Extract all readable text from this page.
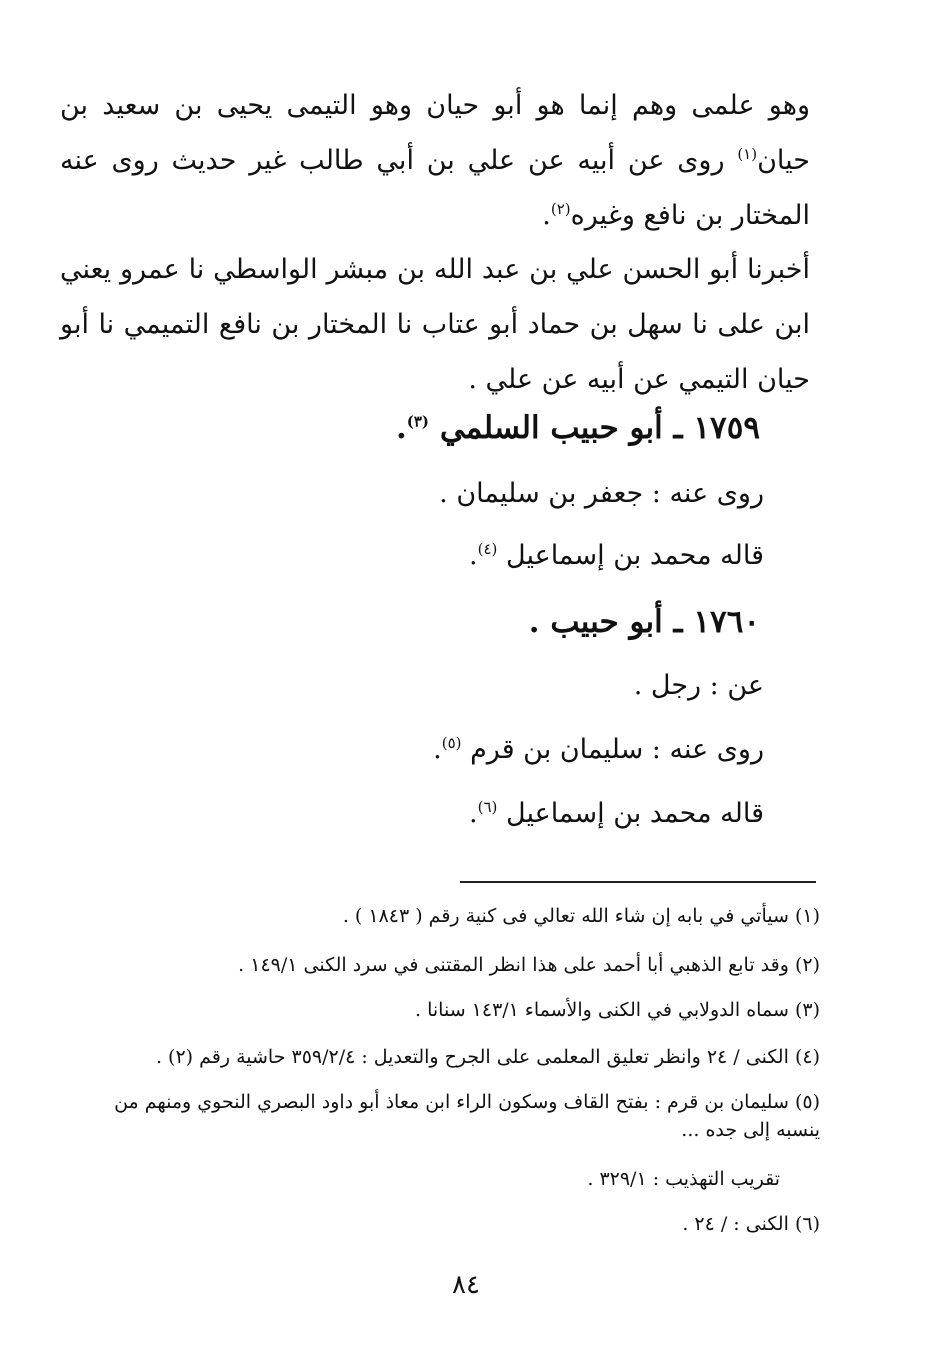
وهو علمى وهم إنما هو أبو حيان وهو التيمى يحيى بن سعيد بن حيان$^{(١)}$ روى عن أبيه عن علي بن أبي طالب غير حديث روى عنه المختار بن نافع وغيره$^{(٢)}$.
أخبرنا أبو الحسن علي بن عبد الله بن مبشر الواسطي نا عمرو يعني ابن على نا سهل بن حماد أبو عتاب نا المختار بن نافع التميمي نا أبو حيان التيمي عن أبيه عن علي .
١٧٥٩ ـ أبو حبيب السلمي $^{(٣)}$.
روى عنه : جعفر بن سليمان .
قاله محمد بن إسماعيل $^{(٤)}$.
١٧٦٠ ـ أبو حبيب .
عن : رجل .
روى عنه : سليمان بن قرم $^{(٥)}$.
قاله محمد بن إسماعيل $^{(٦)}$.
(١) سيأتي في بابه إن شاء الله تعالي فى كنية رقم ( ١٨٤٣ ) .
(٢) وقد تابع الذهبي أبا أحمد على هذا انظر المقتنى في سرد الكنى ١٤٩/١ .
(٣) سماه الدولابي في الكنى والأسماء ١٤٣/١ سنانا .
(٤) الكنى / ٢٤ وانظر تعليق المعلمى على الجرح والتعديل : ٣٥٩/٢/٤ حاشية رقم (٢) .
(٥) سليمان بن قرم : بفتح القاف وسكون الراء ابن معاذ أبو داود البصري النحوي ومنهم من ينسبه إلى جده ...
تقريب التهذيب : ٣٢٩/١ .
(٦) الكنى : / ٢٤ .
٨٤
